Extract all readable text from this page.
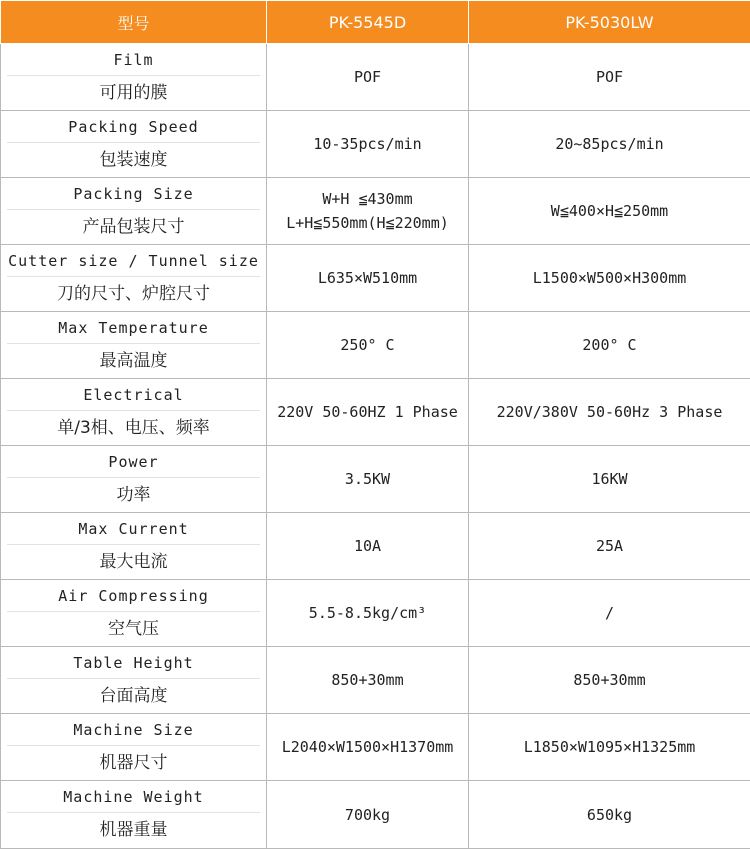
型号	PK-5545D	PK-5030LW

Film
可用的膜	POF	POF

Packing Speed
包装速度	10-35pcs/min	20~85pcs/min

Packing Size
产品包装尺寸	W+H ≦430mm L+H≦550mm(H≦220mm)	W≦400×H≦250mm

Cutter size / Tunnel size
刀的尺寸、炉腔尺寸	L635×W510mm	L1500×W500×H300mm

Max Temperature
最高温度	250° C	200° C

Electrical
单/3相、电压、频率	220V 50-60HZ 1 Phase	220V/380V 50-60Hz 3 Phase

Power
功率	3.5KW	16KW

Max Current
最大电流	10A	25A

Air Compressing
空气压	5.5-8.5kg/cm³	/

Table Height
台面高度	850+30mm	850+30mm

Machine Size
机器尺寸	L2040×W1500×H1370mm	L1850×W1095×H1325mm

Machine Weight
机器重量	700kg	650kg
